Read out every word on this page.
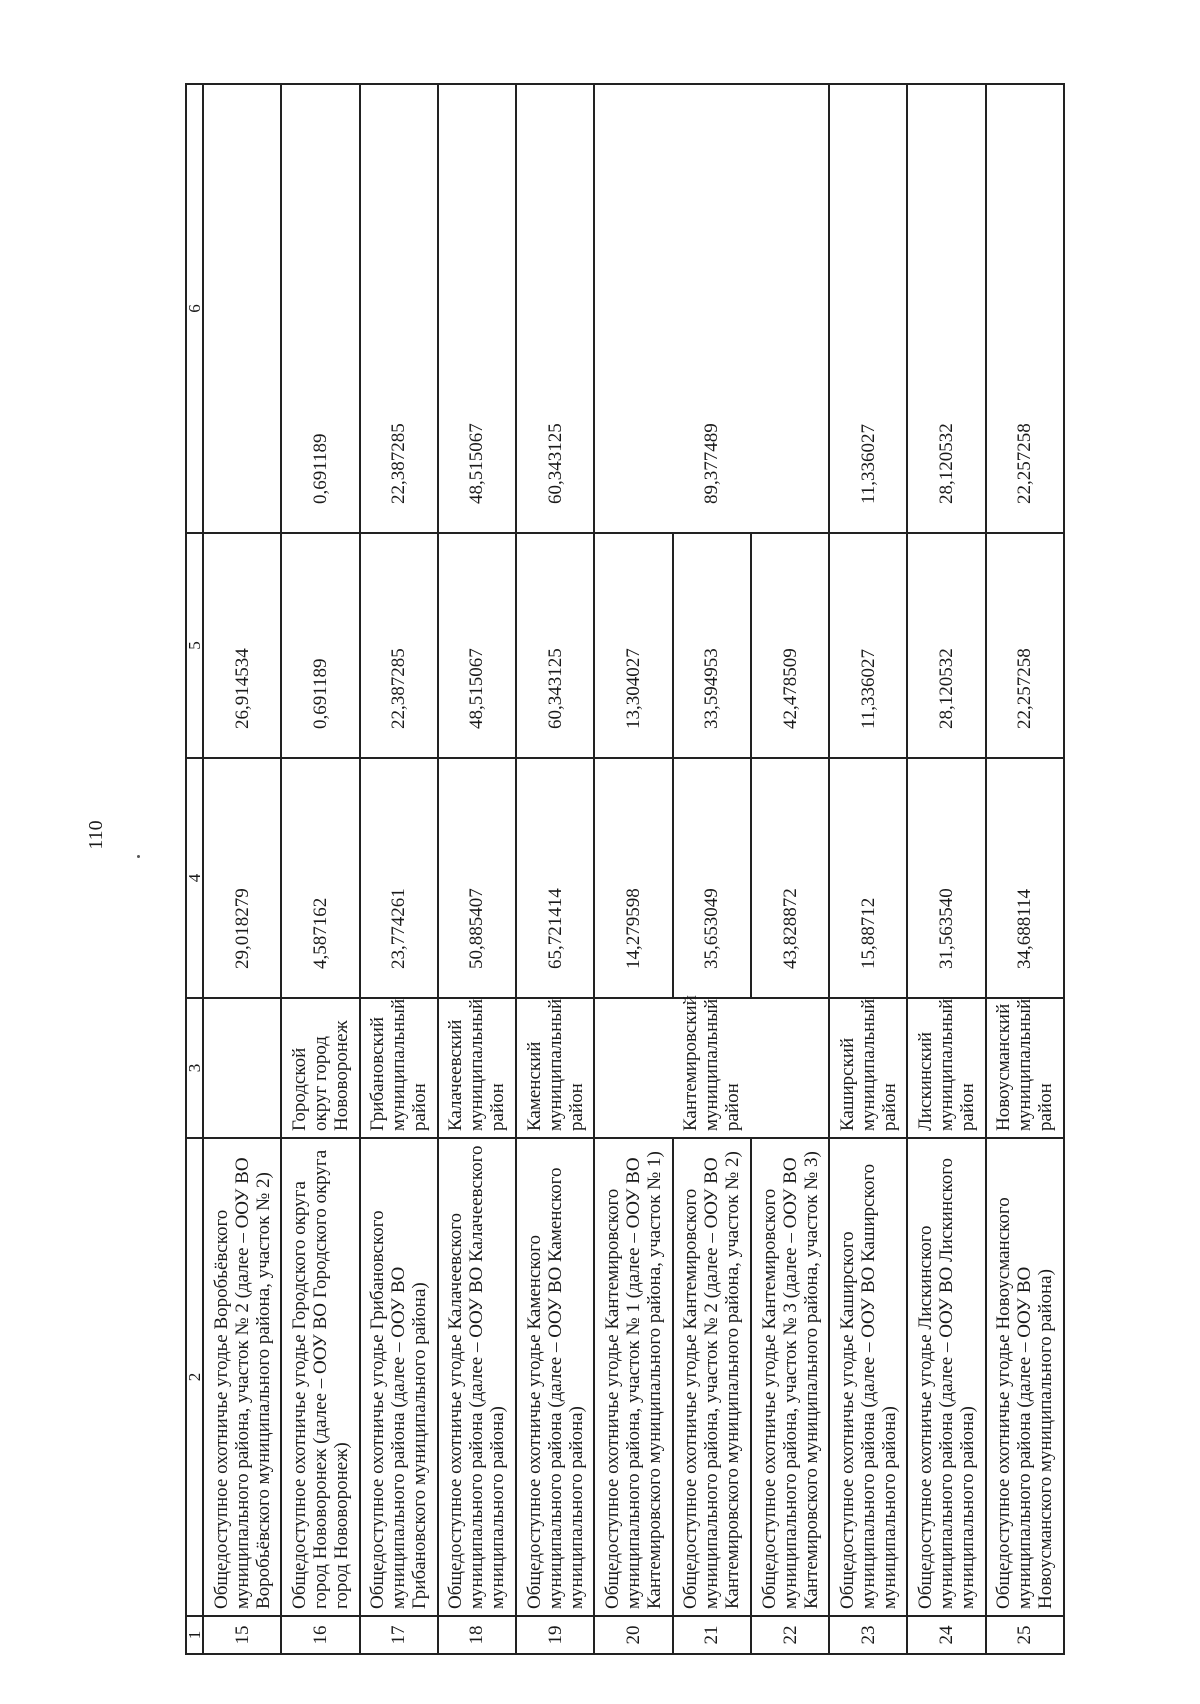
110
1	2	3	4	5	6
15	Общедоступное охотничье угодье Воробьёвского муниципального района, участок № 2 (далее – ООУ ВО Воробьёвского муниципального района, участок № 2)		29,018279	26,914534	
16	Общедоступное охотничье угодье Городского округа город Нововоронеж (далее – ООУ ВО Городского округа город Нововоронеж)	Городской округ город Нововоронеж	4,587162	0,691189	0,691189
17	Общедоступное охотничье угодье Грибановского муниципального района (далее – ООУ ВО Грибановского муниципального района)	Грибановский муниципальный район	23,774261	22,387285	22,387285
18	Общедоступное охотничье угодье Калачеевского муниципального района (далее – ООУ ВО Калачеевского муниципального района)	Калачеевский муниципальный район	50,885407	48,515067	48,515067
19	Общедоступное охотничье угодье Каменского муниципального района (далее – ООУ ВО Каменского муниципального района)	Каменский муниципальный район	65,721414	60,343125	60,343125
20	Общедоступное охотничье угодье Кантемировского муниципального района, участок № 1 (далее – ООУ ВО Кантемировского муниципального района, участок № 1)	Кантемировский муниципальный район	14,279598	13,304027	89,377489
21	Общедоступное охотничье угодье Кантемировского муниципального района, участок № 2 (далее – ООУ ВО Кантемировского муниципального района, участок № 2)		35,653049	33,594953	
22	Общедоступное охотничье угодье Кантемировского муниципального района, участок № 3 (далее – ООУ ВО Кантемировского муниципального района, участок № 3)		43,828872	42,478509	
23	Общедоступное охотничье угодье Каширского муниципального района (далее – ООУ ВО Каширского муниципального района)	Каширский муниципальный район	15,88712	11,336027	11,336027
24	Общедоступное охотничье угодье Лискинского муниципального района (далее – ООУ ВО Лискинского муниципального района)	Лискинский муниципальный район	31,563540	28,120532	28,120532
25	Общедоступное охотничье угодье Новоусманского муниципального района (далее – ООУ ВО Новоусманского муниципального района)	Новоусманский муниципальный район	34,688114	22,257258	22,257258
